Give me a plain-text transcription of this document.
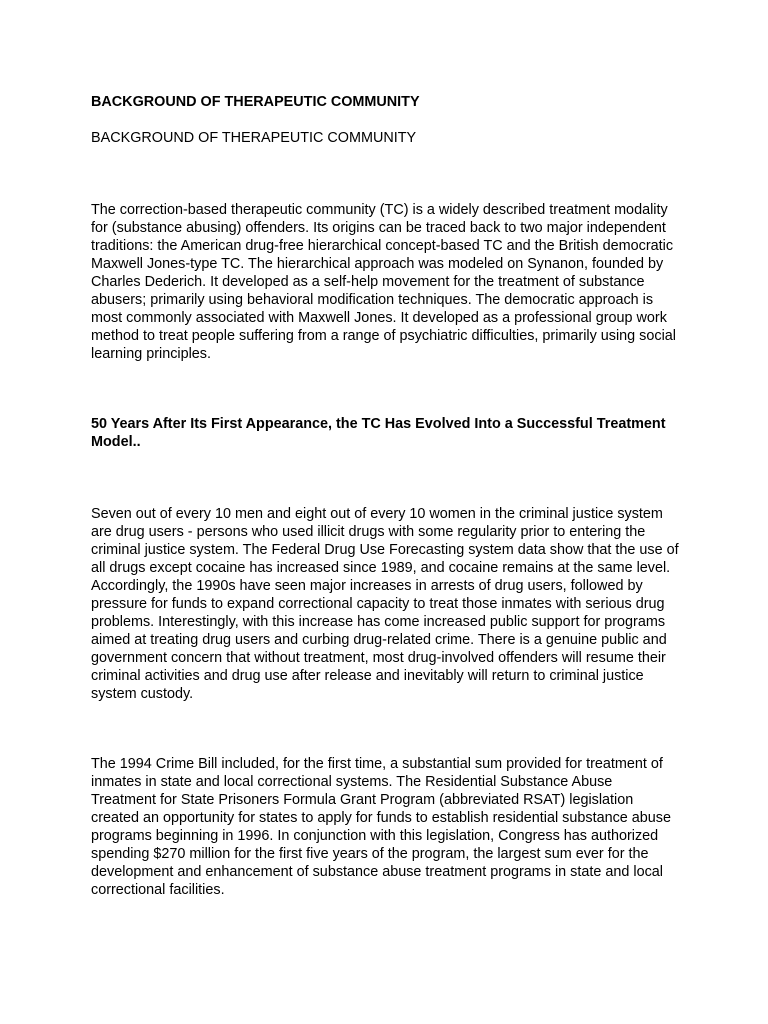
BACKGROUND OF THERAPEUTIC COMMUNITY

BACKGROUND OF THERAPEUTIC COMMUNITY

The correction-based therapeutic community (TC) is a widely described treatment modality for (substance abusing) offenders. Its origins can be traced back to two major independent traditions: the American drug-free hierarchical concept-based TC and the British democratic Maxwell Jones-type TC. The hierarchical approach was modeled on Synanon, founded by Charles Dederich. It developed as a self-help movement for the treatment of substance abusers; primarily using behavioral modification techniques. The democratic approach is most commonly associated with Maxwell Jones. It developed as a professional group work method to treat people suffering from a range of psychiatric difficulties, primarily using social learning principles.

50 Years After Its First Appearance, the TC Has Evolved Into a Successful Treatment Model..

Seven out of every 10 men and eight out of every 10 women in the criminal justice system are drug users - persons who used illicit drugs with some regularity prior to entering the criminal justice system. The Federal Drug Use Forecasting system data show that the use of all drugs except cocaine has increased since 1989, and cocaine remains at the same level. Accordingly, the 1990s have seen major increases in arrests of drug users, followed by pressure for funds to expand correctional capacity to treat those inmates with serious drug problems. Interestingly, with this increase has come increased public support for programs aimed at treating drug users and curbing drug-related crime. There is a genuine public and government concern that without treatment, most drug-involved offenders will resume their criminal activities and drug use after release and inevitably will return to criminal justice system custody.

The 1994 Crime Bill included, for the first time, a substantial sum provided for treatment of inmates in state and local correctional systems. The Residential Substance Abuse Treatment for State Prisoners Formula Grant Program (abbreviated RSAT) legislation created an opportunity for states to apply for funds to establish residential substance abuse programs beginning in 1996. In conjunction with this legislation, Congress has authorized spending $270 million for the first five years of the program, the largest sum ever for the development and enhancement of substance abuse treatment programs in state and local correctional facilities.
